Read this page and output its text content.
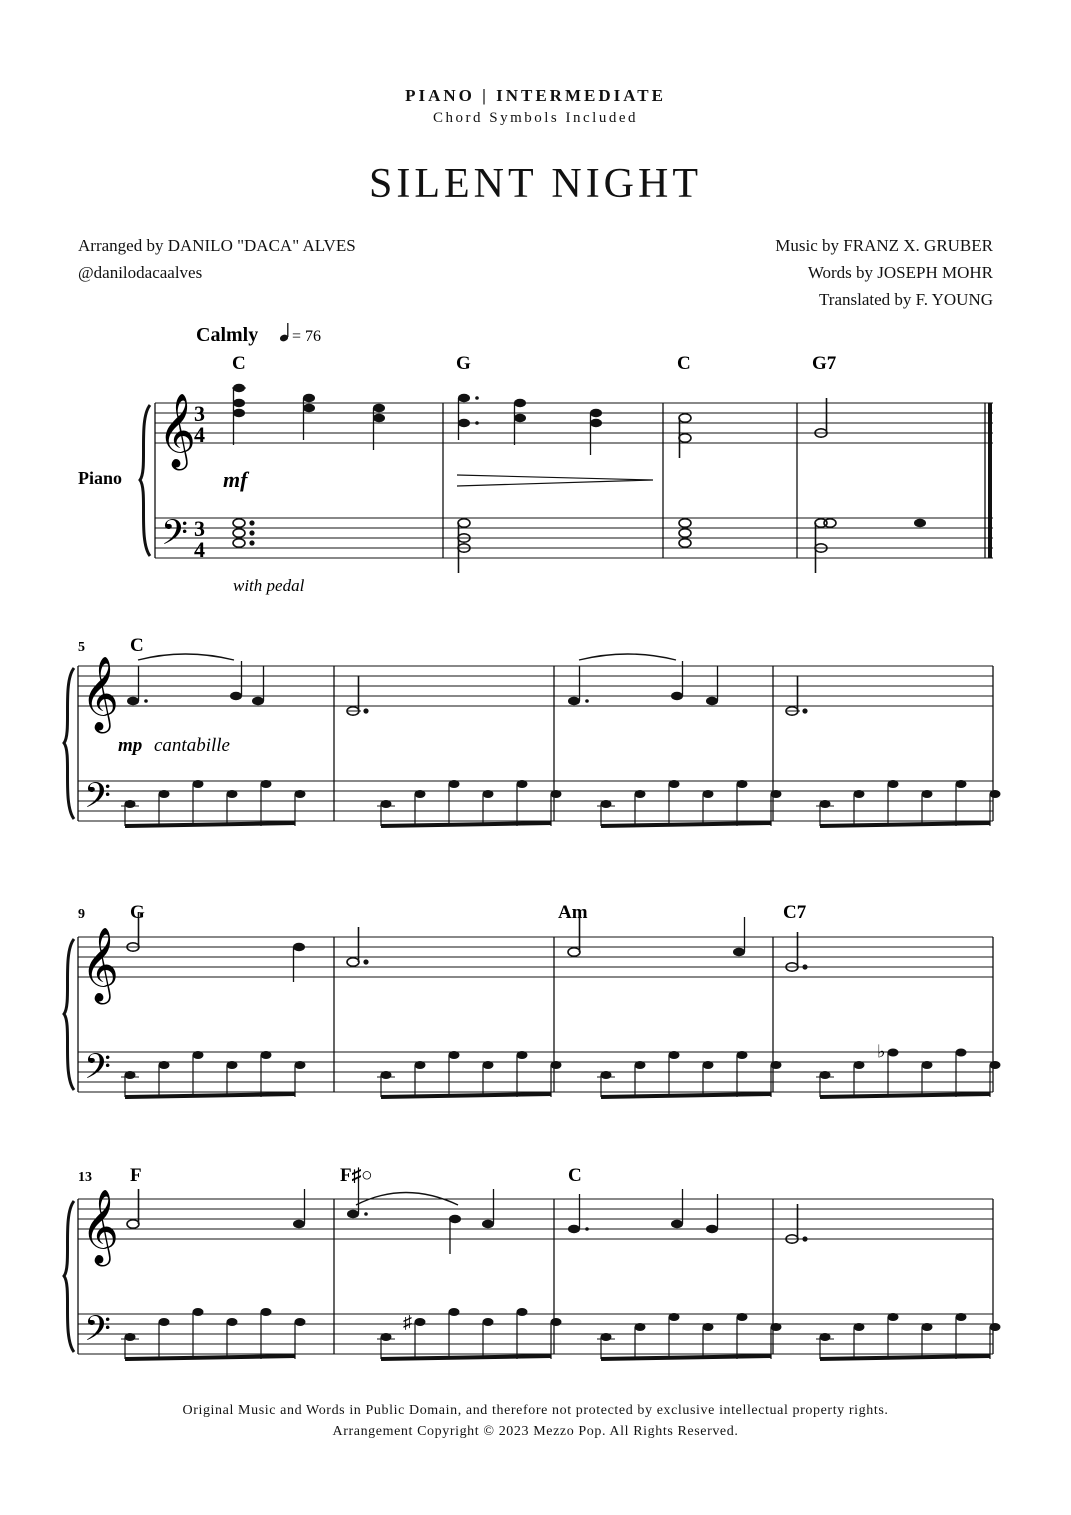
PIANO | INTERMEDIATE
Chord Symbols Included
SILENT NIGHT
Arranged by DANILO "DACA" ALVES
@danilodacaalves
Music by FRANZ X. GRUBER
Words by JOSEPH MOHR
Translated by F. YOUNG
Calmly = 76
Piano
C	G	C	G7
𝄞
𝄢
3
4
3
4
mf
with pedal
5 C
𝄞
𝄢
mp cantabille
9 G	Am	C7
𝄞
𝄢	♭
13 F	F♯○	C
𝄞
𝄢	♯
Original Music and Words in Public Domain, and therefore not protected by exclusive intellectual property rights.
Arrangement Copyright © 2023 Mezzo Pop. All Rights Reserved.
